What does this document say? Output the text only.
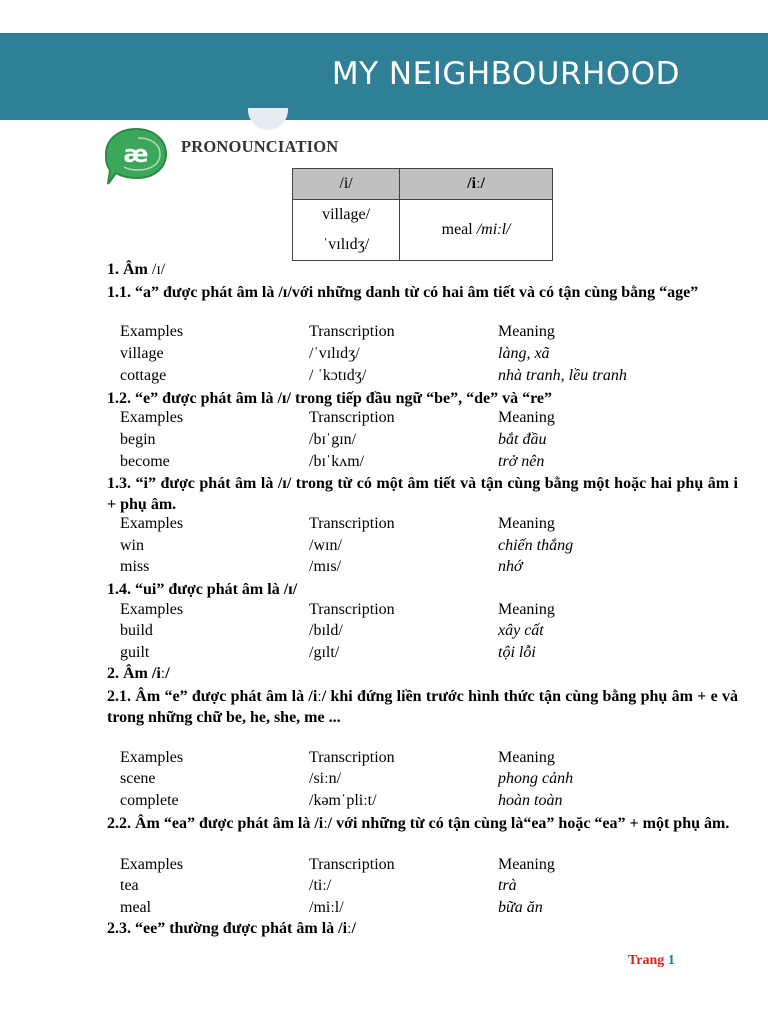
MY NEIGHBOURHOOD
æ PRONOUNCIATION
/i/	/iː/

village/
ˈvɪlɪdʒ/	meal /miːl/
1. Âm /ɪ/
1.1. “a” được phát âm là /ɪ/với những danh từ có hai âm tiết và có tận cùng bằng “age”
Examples	Transcription	Meaning
village	/ˈvɪlɪdʒ/	làng, xã
cottage	/ ˈkɔtɪdʒ/	nhà tranh, lều tranh
1.2. “e” được phát âm là /ɪ/ trong tiếp đầu ngữ “be”, “de” và “re”
Examples	Transcription	Meaning
begin	/bɪˈgɪn/	bắt đầu
become	/bɪˈkʌm/	trở nên
1.3. “i” được phát âm là /ɪ/ trong từ có một âm tiết và tận cùng bằng một hoặc hai phụ âm i + phụ âm.
Examples	Transcription	Meaning
win	/wɪn/	chiến thắng
miss	/mɪs/	nhớ
1.4. “ui” được phát âm là /ɪ/
Examples	Transcription	Meaning
build	/bɪld/	xây cất
guilt	/gɪlt/	tội lỗi
2. Âm /iː/
2.1. Âm “e” được phát âm là /iː/ khi đứng liền trước hình thức tận cùng bằng phụ âm + e và trong những chữ be, he, she, me ...
Examples	Transcription	Meaning
scene	/siːn/	phong cảnh
complete	/kəmˈpliːt/	hoàn toàn
2.2. Âm “ea” được phát âm là /iː/ với những từ có tận cùng là“ea” hoặc “ea” + một phụ âm.
Examples	Transcription	Meaning
tea	/tiː/	trà
meal	/miːl/	bữa ăn
2.3. “ee” thường được phát âm là /iː/
Trang 1
